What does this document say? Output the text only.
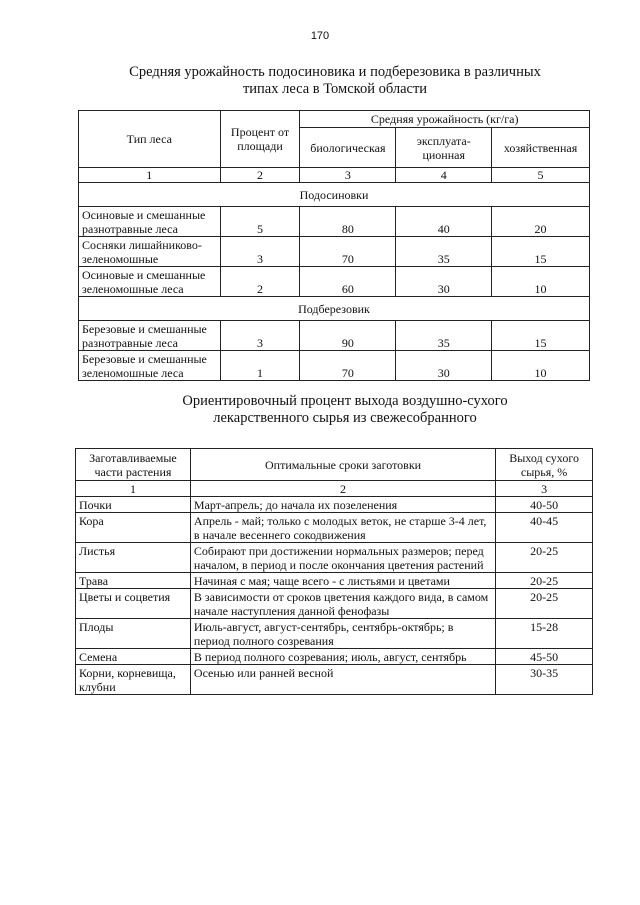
170
Средняя урожайность подосиновика и подберезовика в различных
типах леса в Томской области
Тип леса	Процент от площади	Средняя урожайность (кг/га)		
		биологическая	эксплуата-ционная	хозяйственная
1	2	3	4	5
Подосиновки				
Осиновые и смешанные разнотравные леса	5	80	40	20
Сосняки лишайниково-зеленомошные	3	70	35	15
Осиновые и смешанные зеленомошные леса	2	60	30	10
Подберезовик				
Березовые и смешанные разнотравные леса	3	90	35	15
Березовые и смешанные зеленомошные леса	1	70	30	10
Ориентировочный процент выхода воздушно-сухого
лекарственного сырья из свежесобранного
Заготавливаемые части растения	Оптимальные сроки заготовки	Выход сухого сырья, %
1	2	3
Почки	Март-апрель; до начала их позеленения	40-50
Кора	Апрель - май; только с молодых веток, не старше 3-4 лет, в начале весеннего сокодвижения	40-45
Листья	Собирают при достижении нормальных размеров; перед началом, в период и после окончания цветения растений	20-25
Трава	Начиная с мая; чаще всего - с листьями и цветами	20-25
Цветы и соцветия	В зависимости от сроков цветения каждого вида, в самом начале наступления данной фенофазы	20-25
Плоды	Июль-август, август-сентябрь, сентябрь-октябрь; в период полного созревания	15-28
Семена	В период полного созревания; июль, август, сентябрь	45-50
Корни, корневища, клубни	Осенью или ранней весной	30-35
